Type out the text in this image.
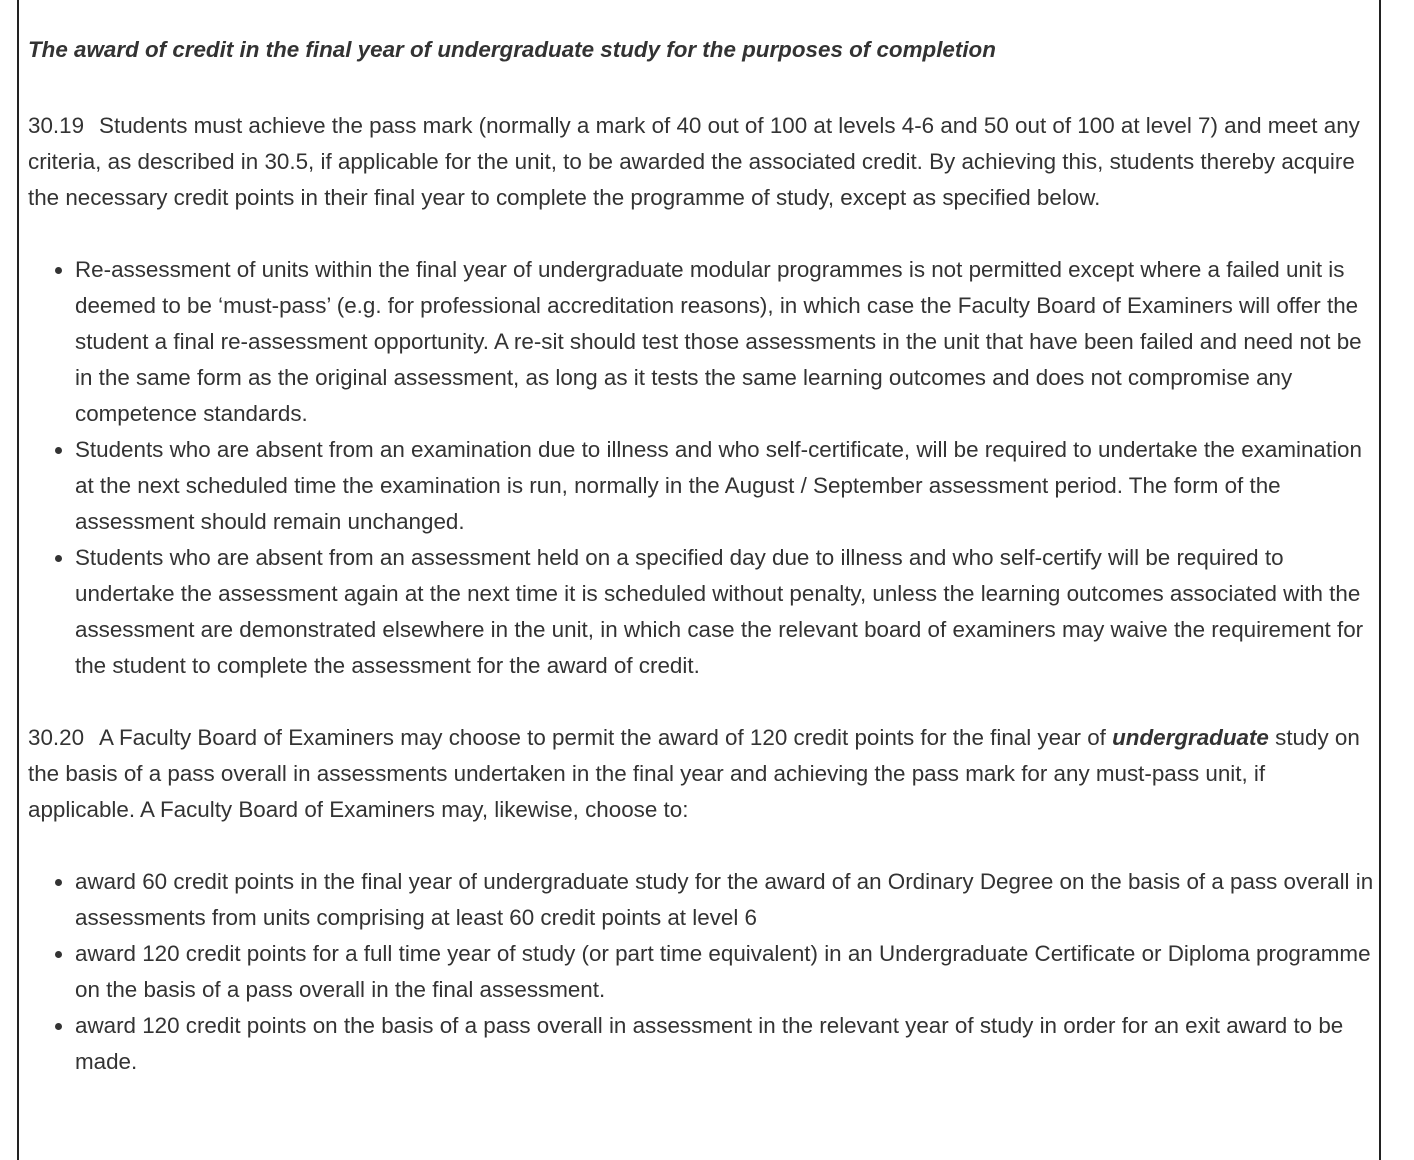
The award of credit in the final year of undergraduate study for the purposes of completion

30.19 Students must achieve the pass mark (normally a mark of 40 out of 100 at levels 4-6 and 50 out of 100 at level 7) and meet any criteria, as described in 30.5, if applicable for the unit, to be awarded the associated credit. By achieving this, students thereby acquire the necessary credit points in their final year to complete the programme of study, except as specified below.

Re-assessment of units within the final year of undergraduate modular programmes is not permitted except where a failed unit is deemed to be ‘must-pass’ (e.g. for professional accreditation reasons), in which case the Faculty Board of Examiners will offer the student a final re-assessment opportunity. A re-sit should test those assessments in the unit that have been failed and need not be in the same form as the original assessment, as long as it tests the same learning outcomes and does not compromise any competence standards.
Students who are absent from an examination due to illness and who self-certificate, will be required to undertake the examination at the next scheduled time the examination is run, normally in the August / September assessment period. The form of the assessment should remain unchanged.
Students who are absent from an assessment held on a specified day due to illness and who self-certify will be required to undertake the assessment again at the next time it is scheduled without penalty, unless the learning outcomes associated with the assessment are demonstrated elsewhere in the unit, in which case the relevant board of examiners may waive the requirement for the student to complete the assessment for the award of credit.

30.20 A Faculty Board of Examiners may choose to permit the award of 120 credit points for the final year of undergraduate study on the basis of a pass overall in assessments undertaken in the final year and achieving the pass mark for any must-pass unit, if applicable. A Faculty Board of Examiners may, likewise, choose to:

award 60 credit points in the final year of undergraduate study for the award of an Ordinary Degree on the basis of a pass overall in assessments from units comprising at least 60 credit points at level 6
award 120 credit points for a full time year of study (or part time equivalent) in an Undergraduate Certificate or Diploma programme on the basis of a pass overall in the final assessment.
award 120 credit points on the basis of a pass overall in assessment in the relevant year of study in order for an exit award to be made.
